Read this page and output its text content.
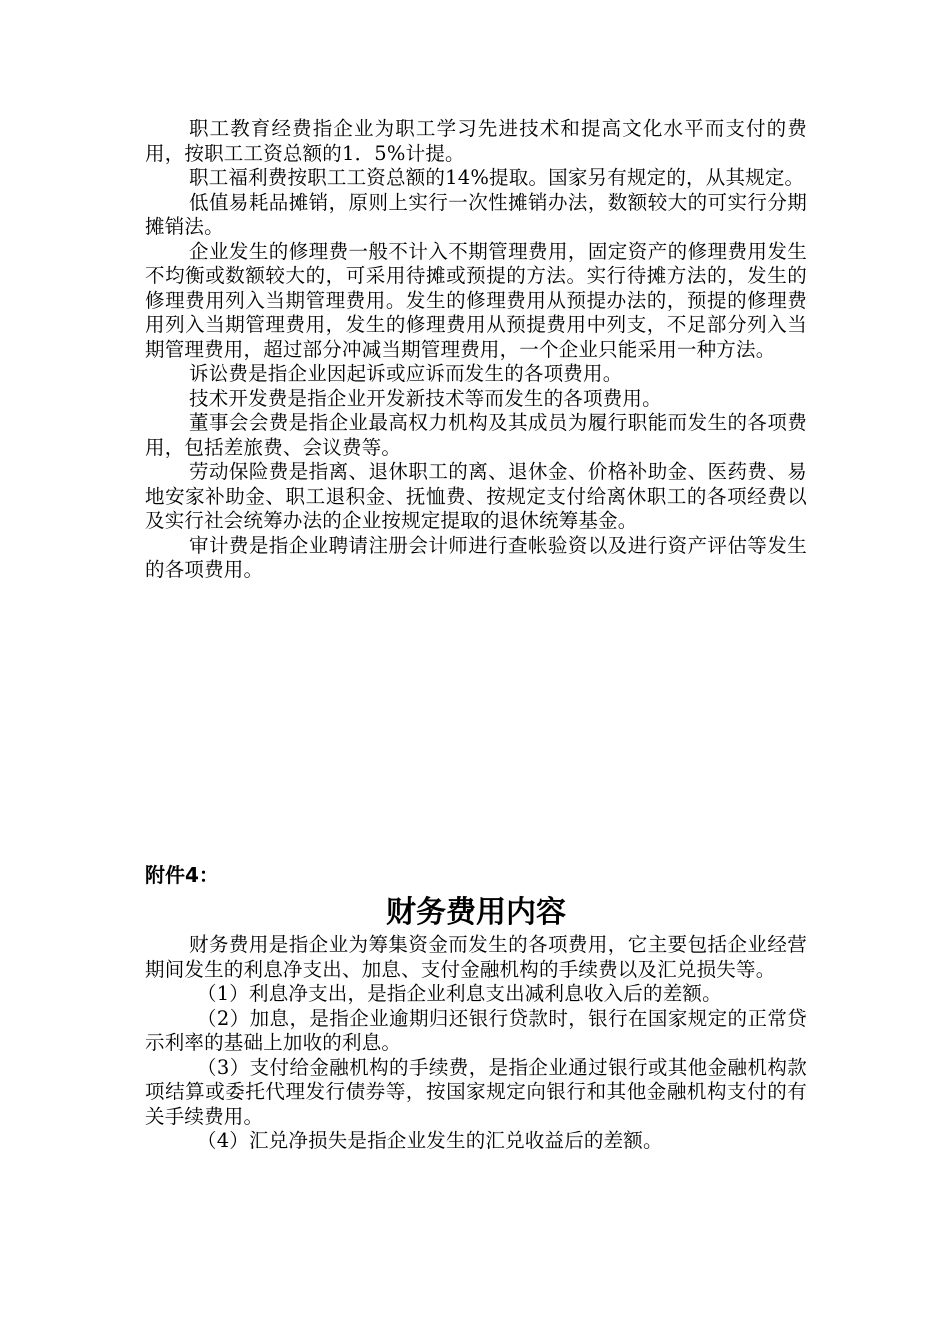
职工教育经费指企业为职工学习先进技术和提高文化水平而支付的费用，按职工工资总额的1．5%计提。

职工福利费按职工工资总额的14%提取。国家另有规定的，从其规定。

低值易耗品摊销，原则上实行一次性摊销办法，数额较大的可实行分期摊销法。

企业发生的修理费一般不计入不期管理费用，固定资产的修理费用发生不均衡或数额较大的，可采用待摊或预提的方法。实行待摊方法的，发生的修理费用列入当期管理费用。发生的修理费用从预提办法的，预提的修理费用列入当期管理费用，发生的修理费用从预提费用中列支，不足部分列入当期管理费用，超过部分冲减当期管理费用，一个企业只能采用一种方法。

诉讼费是指企业因起诉或应诉而发生的各项费用。

技术开发费是指企业开发新技术等而发生的各项费用。

董事会会费是指企业最高权力机构及其成员为履行职能而发生的各项费用，包括差旅费、会议费等。

劳动保险费是指离、退休职工的离、退休金、价格补助金、医药费、易地安家补助金、职工退积金、抚恤费、按规定支付给离休职工的各项经费以及实行社会统筹办法的企业按规定提取的退休统筹基金。

审计费是指企业聘请注册会计师进行查帐验资以及进行资产评估等发生的各项费用。

附件4：

财务费用内容

财务费用是指企业为筹集资金而发生的各项费用，它主要包括企业经营期间发生的利息净支出、加息、支付金融机构的手续费以及汇兑损失等。

（1）利息净支出，是指企业利息支出减利息收入后的差额。

（2）加息，是指企业逾期归还银行贷款时，银行在国家规定的正常贷示利率的基础上加收的利息。

（3）支付给金融机构的手续费，是指企业通过银行或其他金融机构款项结算或委托代理发行债券等，按国家规定向银行和其他金融机构支付的有关手续费用。

（4）汇兑净损失是指企业发生的汇兑收益后的差额。
